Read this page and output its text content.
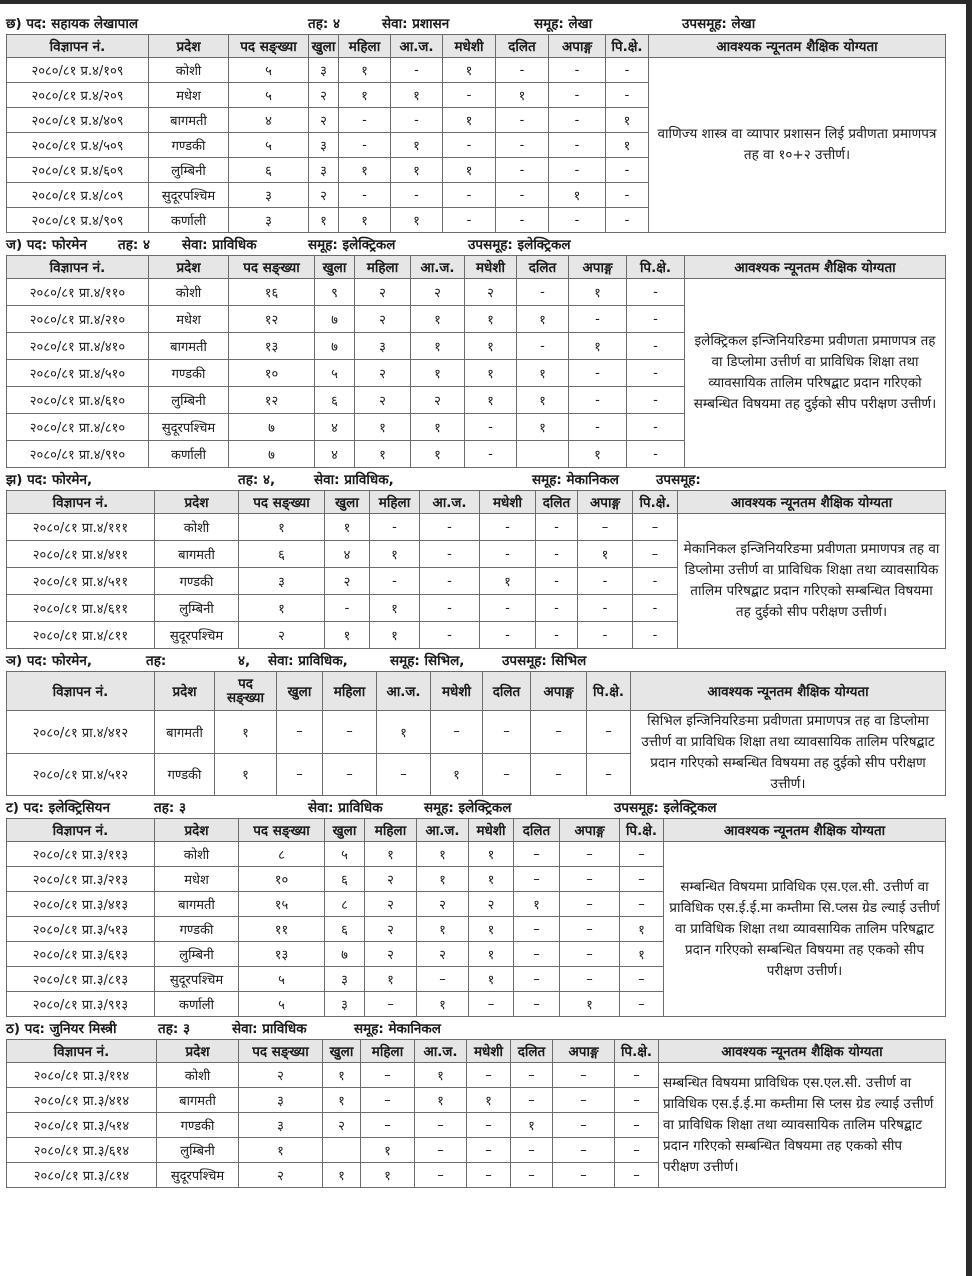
छ) पद: सहायक लेखापाल	तह: ४	सेवा: प्रशासन	समूह: लेखा	उपसमूह: लेखा
विज्ञापन नं.	प्रदेश	पद सङ्ख्या	खुला	महिला	आ.ज.	मधेशी	दलित	अपाङ्ग	पि.क्षे.	आवश्यक न्यूनतम शैक्षिक योग्यता
२०८०/८१ प्र.४/१०९	कोशी	५	३	१	-	१	-	-	-	वाणिज्य शास्त्र वा व्यापार प्रशासन लिई प्रवीणता प्रमाणपत्र तह वा १०+२ उत्तीर्ण।
२०८०/८१ प्र.४/२०९	मधेश	५	२	१	१	-	१	-	-	
२०८०/८१ प्र.४/४०९	बागमती	४	२	-	-	१	-	-	१	
२०८०/८१ प्र.४/५०९	गण्डकी	५	३	-	१	-	-	-	१	
२०८०/८१ प्र.४/६०९	लुम्बिनी	६	३	१	१	१	-	-	-	
२०८०/८१ प्र.४/८०९	सुदूरपश्चिम	३	२	-	-	-	-	१	-	
२०८०/८१ प्र.४/९०९	कर्णाली	३	१	१	१	-	-	-	-	
ज) पद: फोरमेन तह: ४ सेवा: प्राविधिक	समूह: इलेक्ट्रिकल	उपसमूह: इलेक्ट्रिकल
विज्ञापन नं.	प्रदेश	पद सङ्ख्या	खुला	महिला	आ.ज.	मधेशी	दलित	अपाङ्ग	पि.क्षे.	आवश्यक न्यूनतम शैक्षिक योग्यता
२०८०/८१ प्रा.४/११०	कोशी	१६	९	२	२	२	-	१	-	इलेक्ट्रिकल इन्जिनियरिङमा प्रवीणता प्रमाणपत्र तह वा डिप्लोमा उत्तीर्ण वा प्राविधिक शिक्षा तथा व्यावसायिक तालिम परिषद्बाट प्रदान गरिएको सम्बन्धित विषयमा तह दुईको सीप परीक्षण उत्तीर्ण।
२०८०/८१ प्रा.४/२१०	मधेश	१२	७	२	१	१	१	-	-	
२०८०/८१ प्रा.४/४१०	बागमती	१३	७	३	१	१	-	१	-	
२०८०/८१ प्रा.४/५१०	गण्डकी	१०	५	२	१	१	१	-	-	
२०८०/८१ प्रा.४/६१०	लुम्बिनी	१२	६	२	२	१	१	-	-	
२०८०/८१ प्रा.४/८१०	सुदूरपश्चिम	७	४	१	१	-	१	-	-	
२०८०/८१ प्रा.४/९१०	कर्णाली	७	४	१	१	-		१	-	
झ) पद: फोरमेन,	तह: ४,	सेवा: प्राविधिक,	समूह: मेकानिकल	उपसमूह:
विज्ञापन नं.	प्रदेश	पद सङ्ख्या	खुला	महिला	आ.ज.	मधेशी	दलित	अपाङ्ग	पि.क्षे.	आवश्यक न्यूनतम शैक्षिक योग्यता
२०८०/८१ प्रा.४/१११	कोशी	१	१	-	-	-	-	–	–	मेकानिकल इन्जिनियरिङमा प्रवीणता प्रमाणपत्र तह वा डिप्लोमा उत्तीर्ण वा प्राविधिक शिक्षा तथा व्यावसायिक तालिम परिषद्बाट प्रदान गरिएको सम्बन्धित विषयमा तह दुईको सीप परीक्षण उत्तीर्ण।
२०८०/८१ प्रा.४/४११	बागमती	६	४	१	-	-	-	१	–	
२०८०/८१ प्रा.४/५११	गण्डकी	३	२	-	-	१	-	-	-	
२०८०/८१ प्रा.४/६११	लुम्बिनी	१	-	१	-	-	-	-	-	
२०८०/८१ प्रा.४/८११	सुदूरपश्चिम	२	१	१	-	-	-	-	-	
ञ) पद: फोरमेन,	तह:	४, सेवा: प्राविधिक,	समूह: सिभिल,	उपसमूह: सिभिल
विज्ञापन नं.	प्रदेश	पद
सङ्ख्या	खुला	महिला	आ.ज.	मधेशी	दलित	अपाङ्ग	पि.क्षे.	आवश्यक न्यूनतम शैक्षिक योग्यता
२०८०/८१ प्रा.४/४१२	बागमती	१	–	–	१	–	–	–	–	सिभिल इन्जिनियरिङमा प्रवीणता प्रमाणपत्र तह वा डिप्लोमा उत्तीर्ण वा प्राविधिक शिक्षा तथा व्यावसायिक तालिम परिषद्बाट प्रदान गरिएको सम्बन्धित विषयमा तह दुईको सीप परीक्षण उत्तीर्ण।
२०८०/८१ प्रा.४/५१२	गण्डकी	१	–	–	–	१	–	–	–	
ट) पद: इलेक्ट्रिसियन	तह: ३	सेवा: प्राविधिक	समूह: इलेक्ट्रिकल	उपसमूह: इलेक्ट्रिकल
विज्ञापन नं.	प्रदेश	पद सङ्ख्या	खुला	महिला	आ.ज.	मधेशी	दलित	अपाङ्ग	पि.क्षे.	आवश्यक न्यूनतम शैक्षिक योग्यता
२०८०/८१ प्रा.३/११३	कोशी	८	५	१	१	१	–	–	–	सम्बन्धित विषयमा प्राविधिक एस.एल.सी. उत्तीर्ण वा प्राविधिक एस.ई.ई.मा कम्तीमा सि.प्लस ग्रेड ल्याई उत्तीर्ण वा प्राविधिक शिक्षा तथा व्यावसायिक तालिम परिषद्बाट प्रदान गरिएको सम्बन्धित विषयमा तह एकको सीप परीक्षण उत्तीर्ण।
२०८०/८१ प्रा.३/२१३	मधेश	१०	६	२	१	१	–	–	–	
२०८०/८१ प्रा.३/४१३	बागमती	१५	८	२	२	२	१	–	–	
२०८०/८१ प्रा.३/५१३	गण्डकी	११	६	२	१	१	–	–	१	
२०८०/८१ प्रा.३/६१३	लुम्बिनी	१३	७	२	२	१	–	–	१	
२०८०/८१ प्रा.३/८१३	सुदूरपश्चिम	५	३	१	–	१	–	–	–	
२०८०/८१ प्रा.३/९१३	कर्णाली	५	३	–	१	–	–	१	–	
ठ) पद: जुनियर मिस्त्री	तह: ३	सेवा: प्राविधिक	समूह: मेकानिकल
विज्ञापन नं.	प्रदेश	पद सङ्ख्या	खुला	महिला	आ.ज.	मधेशी	दलित	अपाङ्ग	पि.क्षे.	आवश्यक न्यूनतम शैक्षिक योग्यता
२०८०/८१ प्रा.३/११४	कोशी	२	१	–	१	–	–	–	–	सम्बन्धित विषयमा प्राविधिक एस.एल.सी. उत्तीर्ण वा प्राविधिक एस.ई.ई.मा कम्तीमा सि प्लस ग्रेड ल्याई उत्तीर्ण वा प्राविधिक शिक्षा तथा व्यावसायिक तालिम परिषद्बाट प्रदान गरिएको सम्बन्धित विषयमा तह एकको सीप परीक्षण उत्तीर्ण।
२०८०/८१ प्रा.३/४१४	बागमती	३	१	–	१	१	–	–	–	
२०८०/८१ प्रा.३/५१४	गण्डकी	३	२	–	–	–	१	–	–	
२०८०/८१ प्रा.३/६१४	लुम्बिनी	१		१	–	–	–	–	–	
२०८०/८१ प्रा.३/८१४	सुदूरपश्चिम	२	१	१	–	–	–	–	–	
